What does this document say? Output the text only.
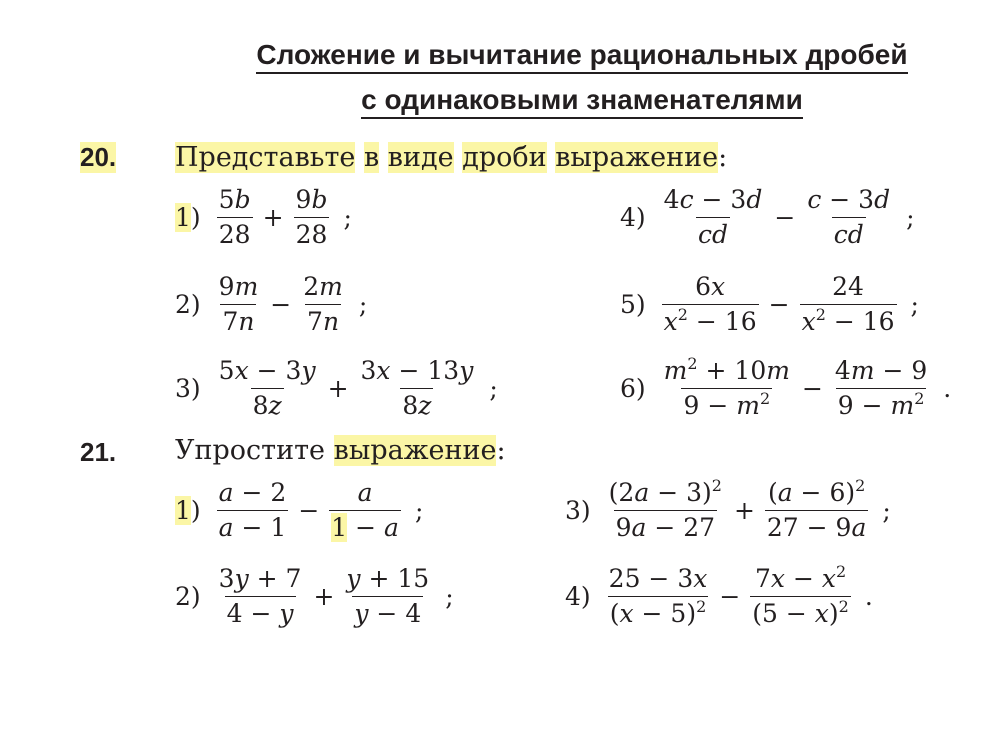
Сложение и вычитание рациональных дробей
с одинаковыми знаменателями
20. Представьте в виде дроби выражение:
$1) \frac{5b}{28} + \frac{9b}{28}$ ;
$2) \frac{9m}{7n} - \frac{2m}{7n}$ ;
$3) \frac{5x - 3y}{8z} + \frac{3x - 13y}{8z}$ ;
$4) \frac{4c - 3d}{cd} - \frac{c - 3d}{cd}$ ;
$5) \frac{6x}{x^2 - 16} - \frac{24}{x^2 - 16}$ ;
$6) \frac{m^2 + 10m}{9 - m^2} - \frac{4m - 9}{9 - m^2}$ .
21. Упростите выражение:
$1) \frac{a - 2}{a - 1} - \frac{a}{1 - a}$ ;
$2) \frac{3y + 7}{4 - y} + \frac{y + 15}{y - 4}$ ;
$3) \frac{(2a - 3)^2}{9a - 27} + \frac{(a - 6)^2}{27 - 9a}$ ;
$4) \frac{25 - 3x}{(x - 5)^2} - \frac{7x - x^2}{(5 - x)^2}$ .
